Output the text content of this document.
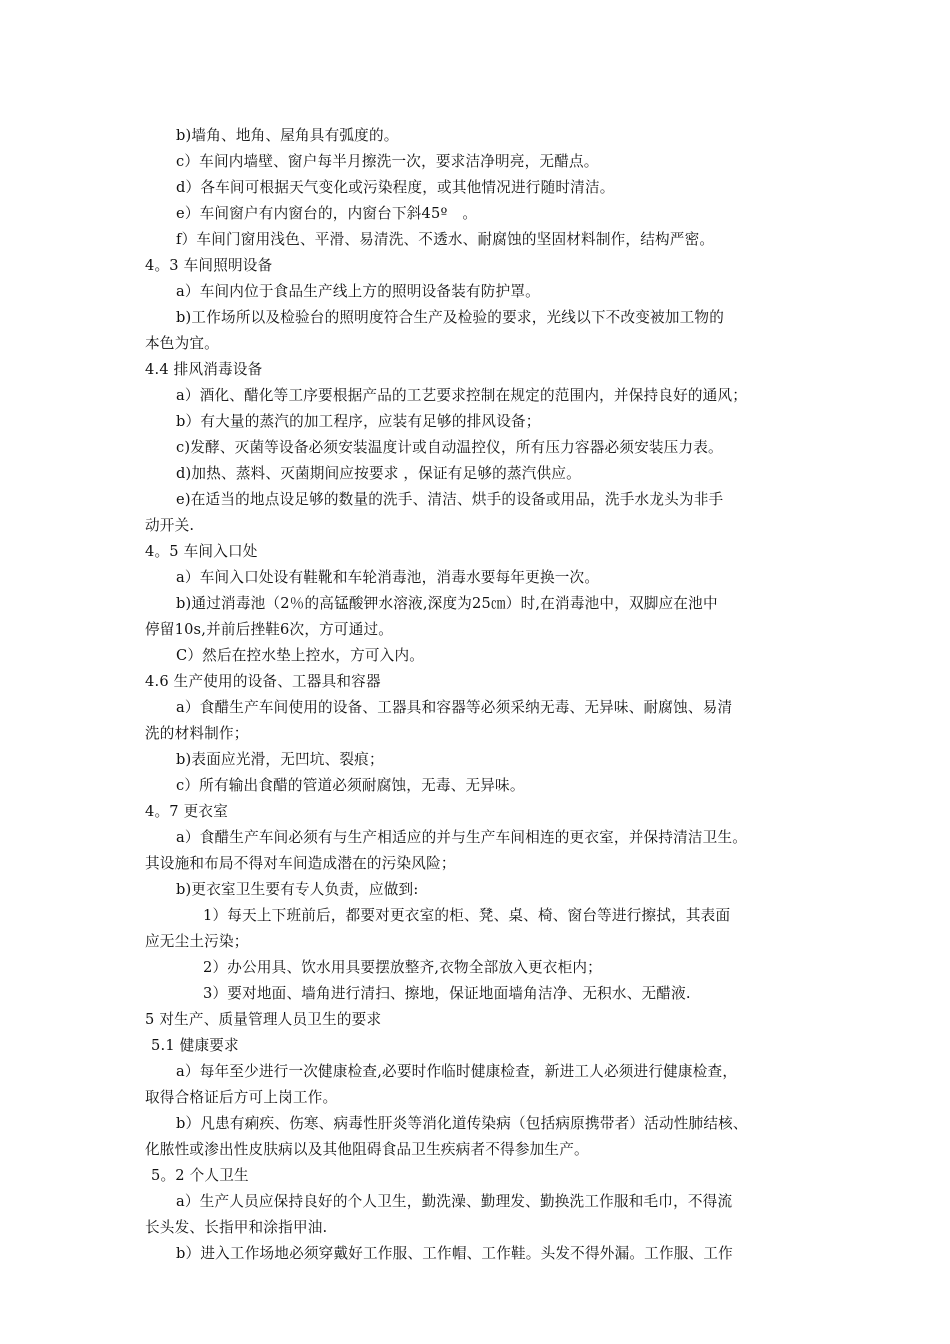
b)墙角、地角、屋角具有弧度的。
c）车间内墙壁、窗户每半月擦洗一次，要求洁净明亮，无醋点。
d）各车间可根据天气变化或污染程度，或其他情况进行随时清洁。
e）车间窗户有内窗台的，内窗台下斜45º　。
f）车间门窗用浅色、平滑、易清洗、不透水、耐腐蚀的坚固材料制作，结构严密。
4。3 车间照明设备
a）车间内位于食品生产线上方的照明设备装有防护罩。
b)工作场所以及检验台的照明度符合生产及检验的要求，光线以下不改变被加工物的
本色为宜。
4.4 排风消毒设备
a）酒化、醋化等工序要根据产品的工艺要求控制在规定的范围内，并保持良好的通风；
b）有大量的蒸汽的加工程序，应装有足够的排风设备；
c)发酵、灭菌等设备必须安装温度计或自动温控仪，所有压力容器必须安装压力表。
d)加热、蒸料、灭菌期间应按要求 ，保证有足够的蒸汽供应。
e)在适当的地点设足够的数量的洗手、清洁、烘手的设备或用品，洗手水龙头为非手
动开关.
4。5 车间入口处
a）车间入口处设有鞋靴和车轮消毒池，消毒水要每年更换一次。
b)通过消毒池（2％的高锰酸钾水溶液,深度为25㎝）时,在消毒池中，双脚应在池中
停留10s,并前后挫鞋6次，方可通过。
C）然后在控水垫上控水，方可入内。
4.6 生产使用的设备、工器具和容器
a）食醋生产车间使用的设备、工器具和容器等必须采纳无毒、无异味、耐腐蚀、易清
洗的材料制作；
b)表面应光滑，无凹坑、裂痕；
c）所有输出食醋的管道必须耐腐蚀，无毒、无异味。
4。7 更衣室
a）食醋生产车间必须有与生产相适应的并与生产车间相连的更衣室，并保持清洁卫生。
其设施和布局不得对车间造成潜在的污染风险；
b)更衣室卫生要有专人负责，应做到:
1）每天上下班前后，都要对更衣室的柜、凳、桌、椅、窗台等进行擦拭，其表面
应无尘土污染；
2）办公用具、饮水用具要摆放整齐,衣物全部放入更衣柜内；
3）要对地面、墙角进行清扫、擦地，保证地面墙角洁净、无积水、无醋液.
5 对生产、质量管理人员卫生的要求
5.1 健康要求
a）每年至少进行一次健康检查,必要时作临时健康检查，新进工人必须进行健康检查，
取得合格证后方可上岗工作。
b）凡患有痢疾、伤寒、病毒性肝炎等消化道传染病（包括病原携带者）活动性肺结核、
化脓性或渗出性皮肤病以及其他阻碍食品卫生疾病者不得参加生产。
5。2 个人卫生
a）生产人员应保持良好的个人卫生，勤洗澡、勤理发、勤换洗工作服和毛巾，不得流
长头发、长指甲和涂指甲油.
b）进入工作场地必须穿戴好工作服、工作帽、工作鞋。头发不得外漏。工作服、工作
